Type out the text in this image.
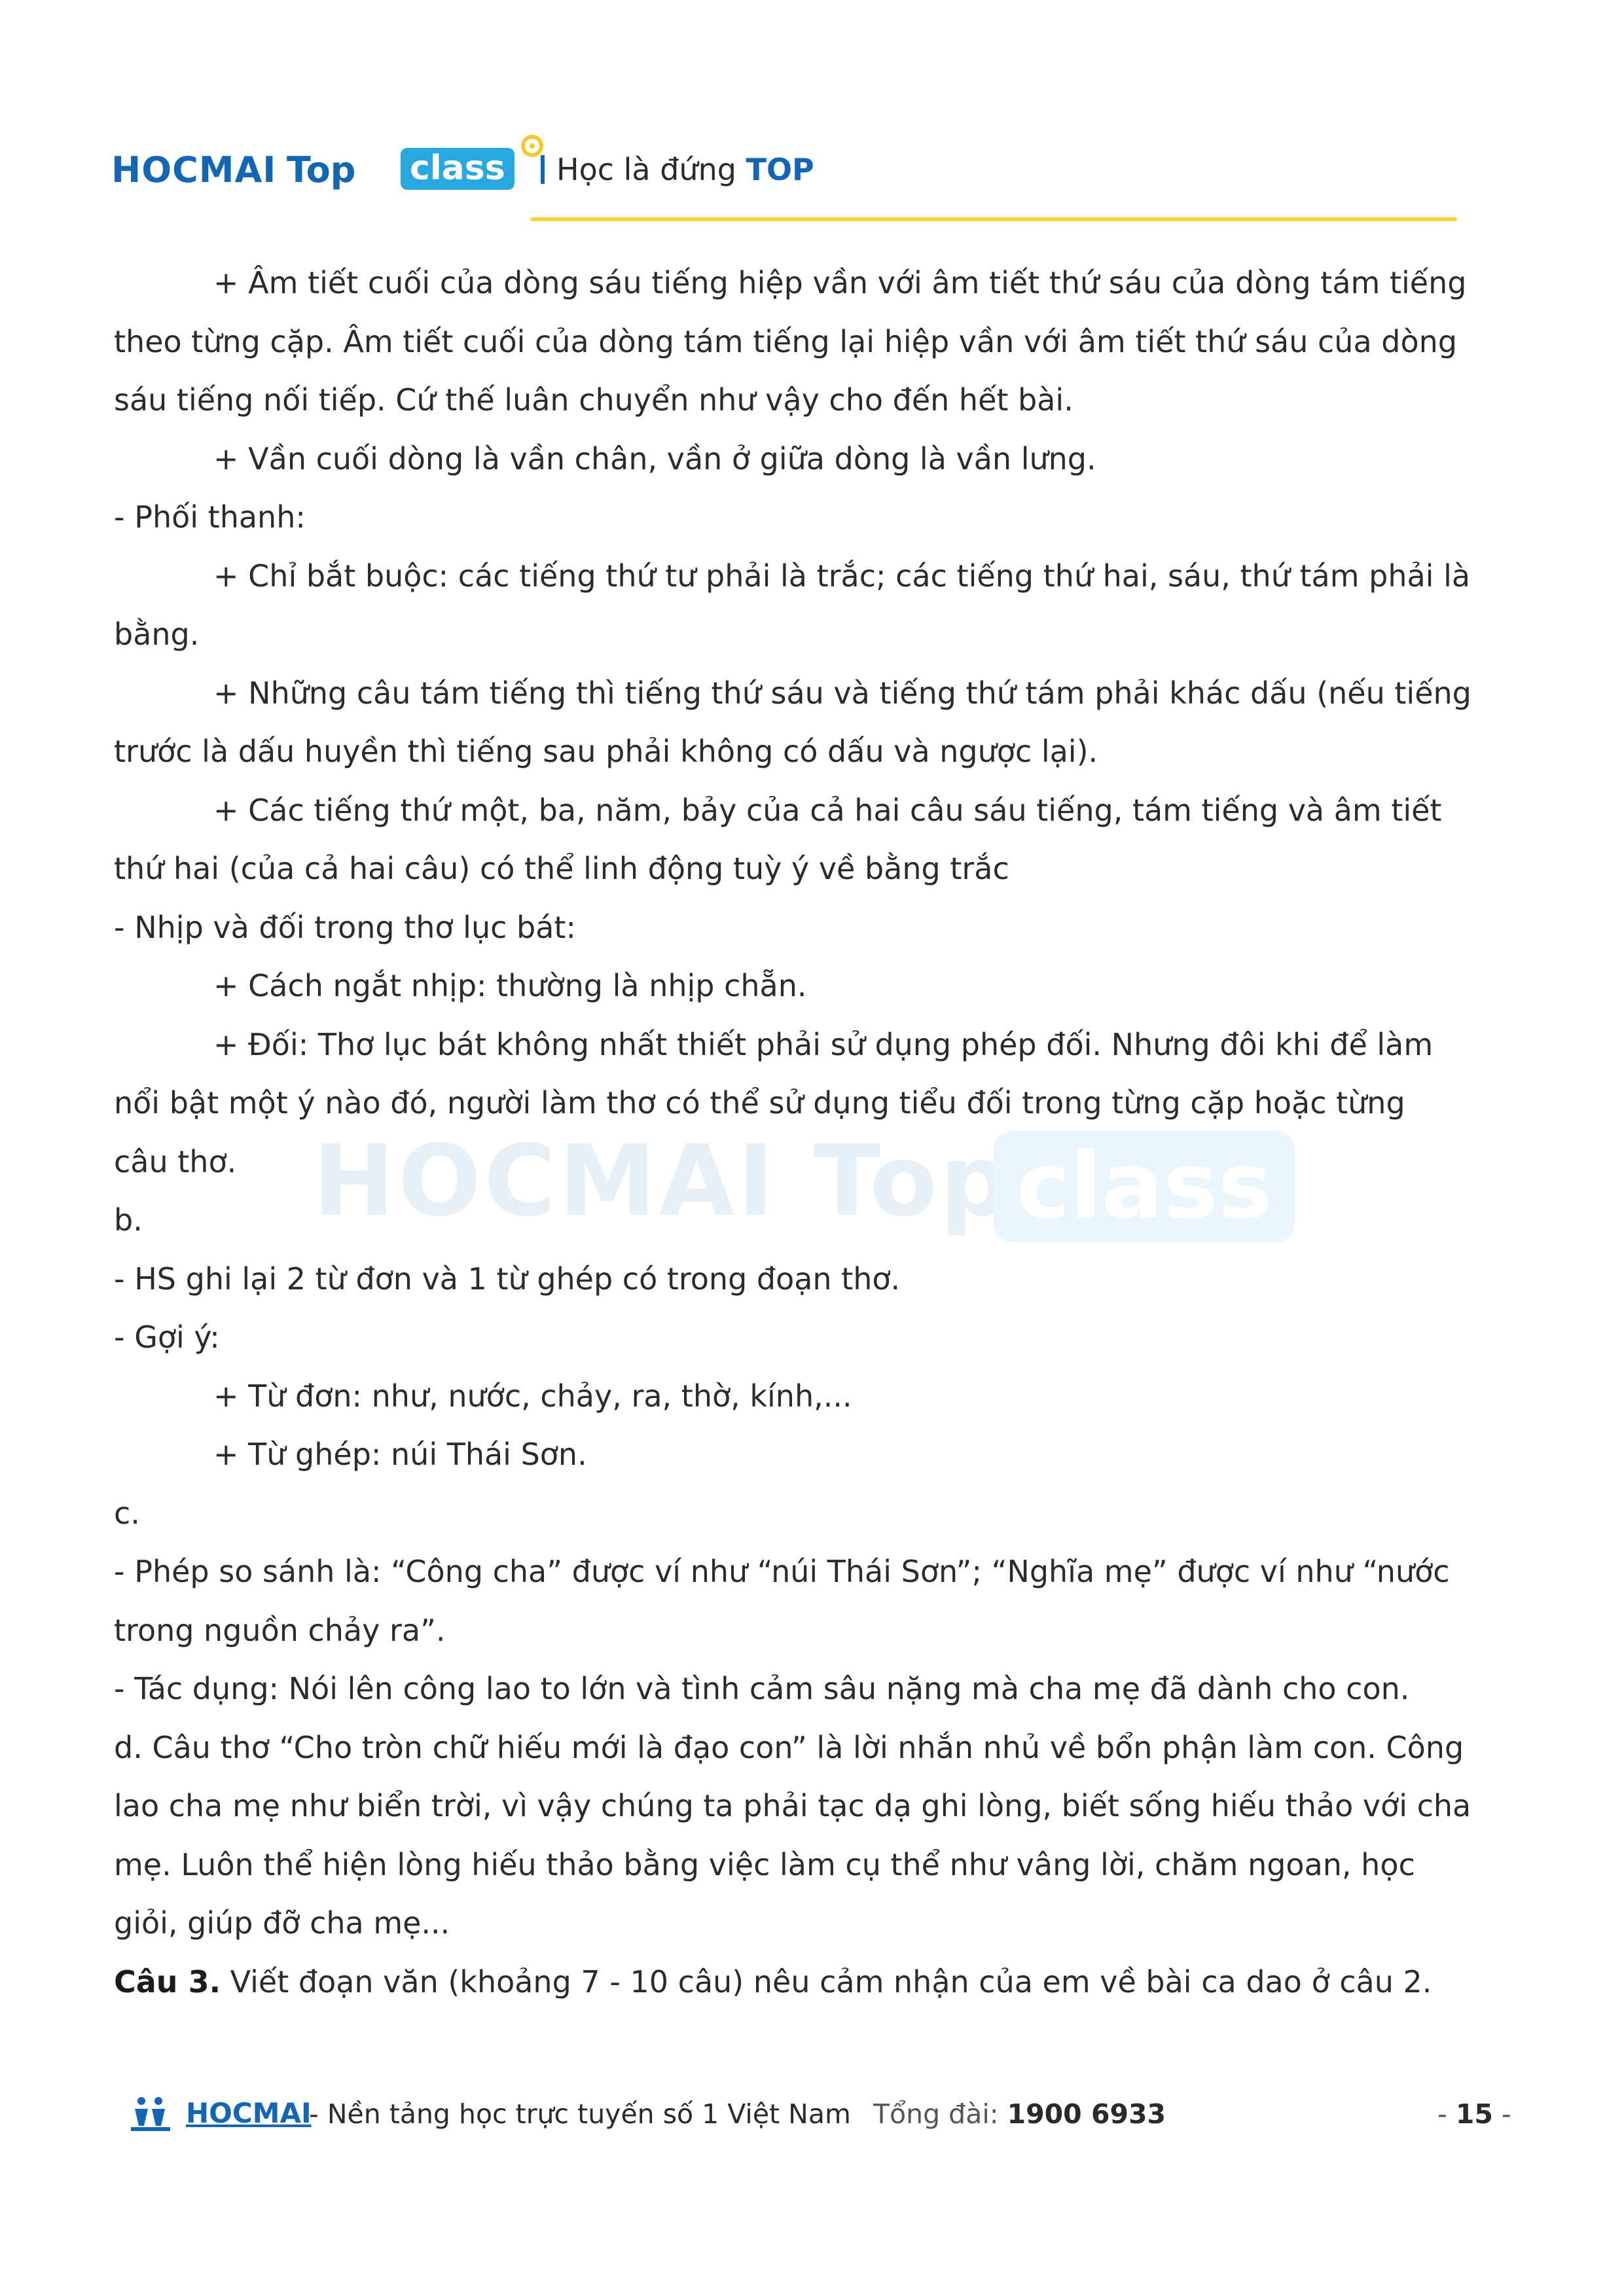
HOCMAI Top class	Học là đứng TOP
HOCMAI Top class
+ Âm tiết cuối của dòng sáu tiếng hiệp vần với âm tiết thứ sáu của dòng tám tiếng
theo từng cặp. Âm tiết cuối của dòng tám tiếng lại hiệp vần với âm tiết thứ sáu của dòng
sáu tiếng nối tiếp. Cứ thế luân chuyển như vậy cho đến hết bài.
+ Vần cuối dòng là vần chân, vần ở giữa dòng là vần lưng.
- Phối thanh:
+ Chỉ bắt buộc: các tiếng thứ tư phải là trắc; các tiếng thứ hai, sáu, thứ tám phải là
bằng.
+ Những câu tám tiếng thì tiếng thứ sáu và tiếng thứ tám phải khác dấu (nếu tiếng
trước là dấu huyền thì tiếng sau phải không có dấu và ngược lại).
+ Các tiếng thứ một, ba, năm, bảy của cả hai câu sáu tiếng, tám tiếng và âm tiết
thứ hai (của cả hai câu) có thể linh động tuỳ ý về bằng trắc
- Nhịp và đối trong thơ lục bát:
+ Cách ngắt nhịp: thường là nhịp chẵn.
+ Đối: Thơ lục bát không nhất thiết phải sử dụng phép đối. Nhưng đôi khi để làm
nổi bật một ý nào đó, người làm thơ có thể sử dụng tiểu đối trong từng cặp hoặc từng
câu thơ.
b.
- HS ghi lại 2 từ đơn và 1 từ ghép có trong đoạn thơ.
- Gợi ý:
+ Từ đơn: như, nước, chảy, ra, thờ, kính,...
+ Từ ghép: núi Thái Sơn.
c.
- Phép so sánh là: “Công cha” được ví như “núi Thái Sơn”; “Nghĩa mẹ” được ví như “nước
trong nguồn chảy ra”.
- Tác dụng: Nói lên công lao to lớn và tình cảm sâu nặng mà cha mẹ đã dành cho con.
d. Câu thơ “Cho tròn chữ hiếu mới là đạo con” là lời nhắn nhủ về bổn phận làm con. Công
lao cha mẹ như biển trời, vì vậy chúng ta phải tạc dạ ghi lòng, biết sống hiếu thảo với cha
mẹ. Luôn thể hiện lòng hiếu thảo bằng việc làm cụ thể như vâng lời, chăm ngoan, học
giỏi, giúp đỡ cha mẹ...
Câu 3. Viết đoạn văn (khoảng 7 - 10 câu) nêu cảm nhận của em về bài ca dao ở câu 2.
HOCMAI
- Nền tảng học trực tuyến số 1 Việt Nam Tổng đài: 1900 6933	- 15 -
